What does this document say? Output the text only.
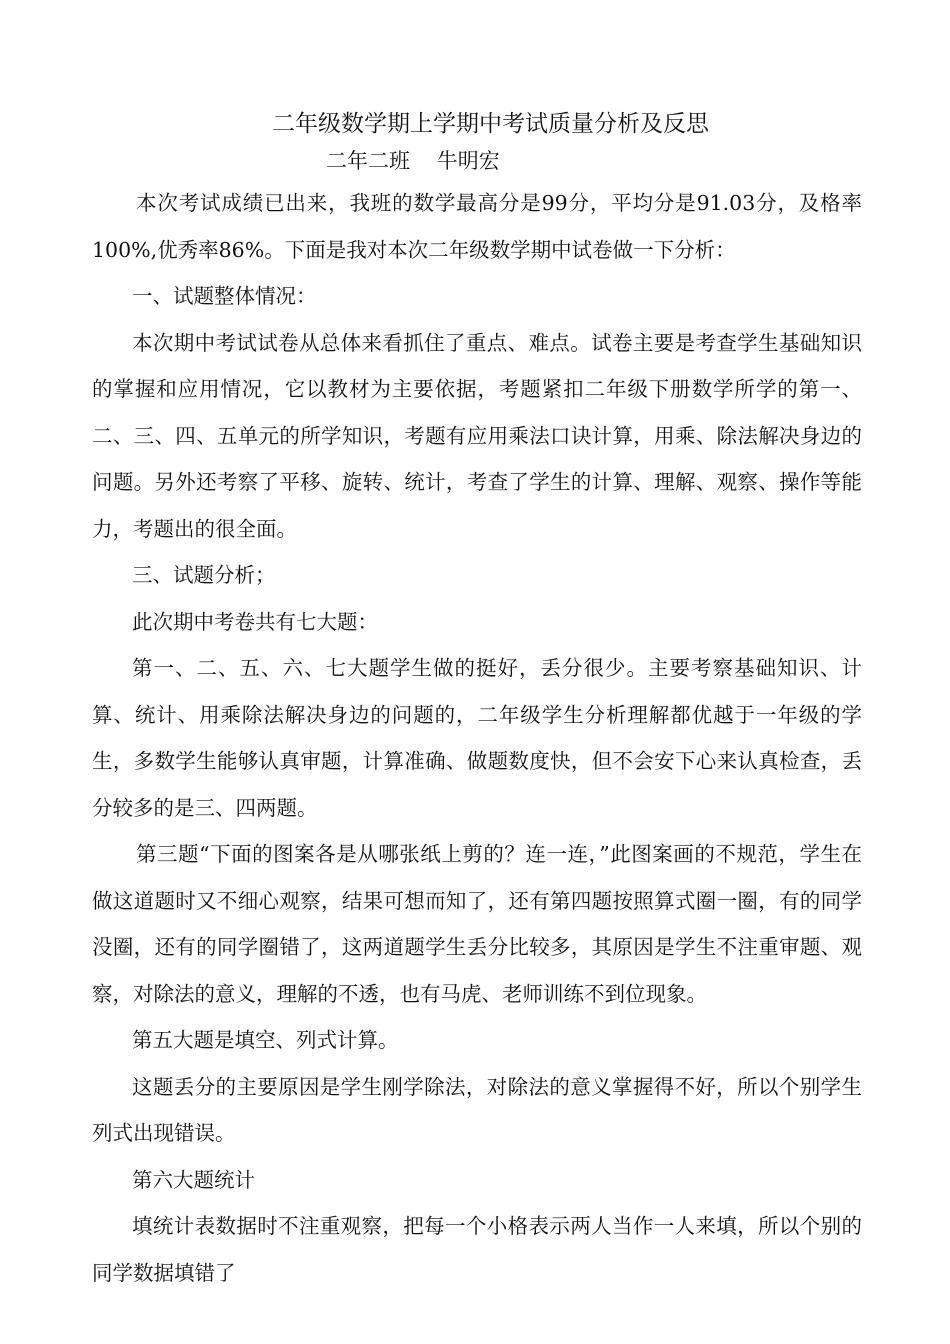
二年级数学期上学期中考试质量分析及反思
二年二班    牛明宏

本次考试成绩已出来，我班的数学最高分是99分，平均分是91.03分，及格率100%,优秀率86%。下面是我对本次二年级数学期中试卷做一下分析：

一、试题整体情况：

本次期中考试试卷从总体来看抓住了重点、难点。试卷主要是考查学生基础知识的掌握和应用情况，它以教材为主要依据，考题紧扣二年级下册数学所学的第一、二、三、四、五单元的所学知识，考题有应用乘法口诀计算，用乘、除法解决身边的问题。另外还考察了平移、旋转、统计，考查了学生的计算、理解、观察、操作等能力，考题出的很全面。

三、试题分析；

此次期中考卷共有七大题：

第一、二、五、六、七大题学生做的挺好，丢分很少。主要考察基础知识、计算、统计、用乘除法解决身边的问题的，二年级学生分析理解都优越于一年级的学生，多数学生能够认真审题，计算准确、做题数度快，但不会安下心来认真检查，丢分较多的是三、四两题。

第三题“下面的图案各是从哪张纸上剪的？连一连，”此图案画的不规范，学生在做这道题时又不细心观察，结果可想而知了，还有第四题按照算式圈一圈，有的同学没圈，还有的同学圈错了，这两道题学生丢分比较多，其原因是学生不注重审题、观察，对除法的意义，理解的不透，也有马虎、老师训练不到位现象。

第五大题是填空、列式计算。

这题丢分的主要原因是学生刚学除法，对除法的意义掌握得不好，所以个别学生列式出现错误。

第六大题统计

填统计表数据时不注重观察，把每一个小格表示两人当作一人来填，所以个别的同学数据填错了
